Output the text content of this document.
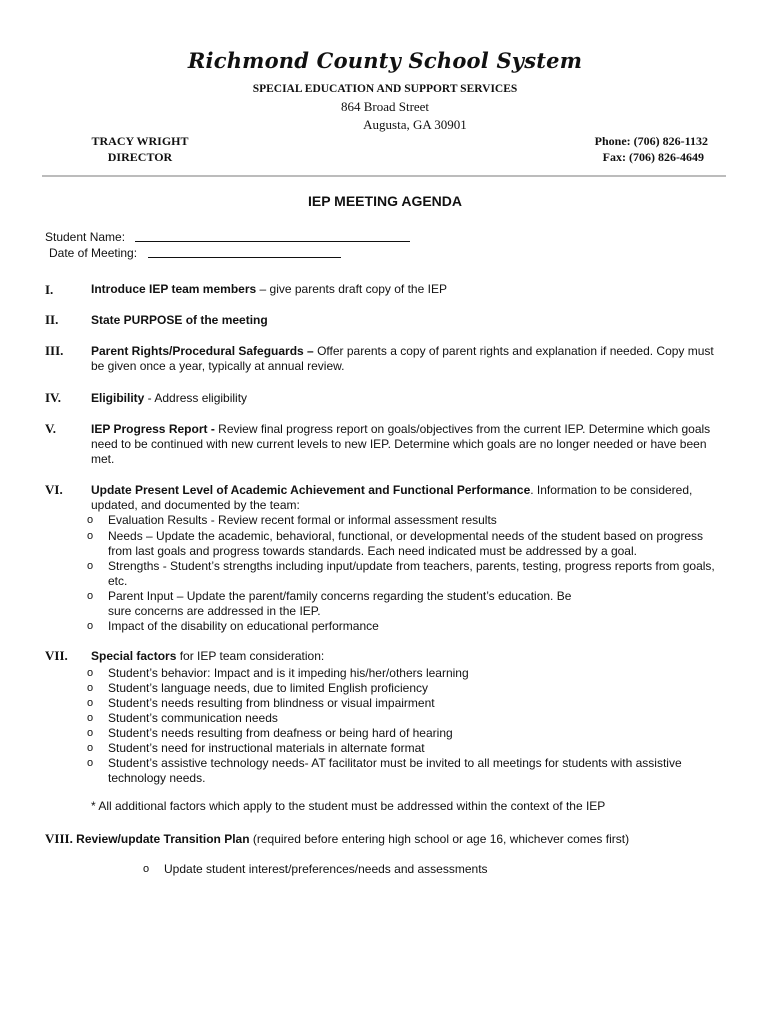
Richmond County School System
SPECIAL EDUCATION AND SUPPORT SERVICES
864 Broad Street
Augusta, GA 30901
TRACY WRIGHT
DIRECTOR
Phone: (706) 826-1132
Fax: (706) 826-4649
IEP MEETING AGENDA
Student Name:
Date of Meeting:
I.	Introduce IEP team members – give parents draft copy of the IEP
II.	State PURPOSE of the meeting
III. Parent Rights/Procedural Safeguards – Offer parents a copy of parent rights and explanation if needed. Copy must be given once a year, typically at annual review.
IV. Eligibility - Address eligibility
V.	IEP Progress Report - Review final progress report on goals/objectives from the current IEP. Determine which goals need to be continued with new current levels to new IEP. Determine which goals are no longer needed or have been met.
VI. Update Present Level of Academic Achievement and Functional Performance. Information to be considered, updated, and documented by the team:
o Evaluation Results - Review recent formal or informal assessment results
o Needs – Update the academic, behavioral, functional, or developmental needs of the student based on progress from last goals and progress towards standards. Each need indicated must be addressed by a goal.
o Strengths - Student’s strengths including input/update from teachers, parents, testing, progress reports from goals, etc.
o Parent Input – Update the parent/family concerns regarding the student’s education. Be sure concerns are addressed in the IEP.
o Impact of the disability on educational performance
VII. Special factors for IEP team consideration:
o Student’s behavior: Impact and is it impeding his/her/others learning
o Student’s language needs, due to limited English proficiency
o Student’s needs resulting from blindness or visual impairment
o Student’s communication needs
o Student’s needs resulting from deafness or being hard of hearing
o Student’s need for instructional materials in alternate format
o Student’s assistive technology needs- AT facilitator must be invited to all meetings for students with assistive technology needs.
* All additional factors which apply to the student must be addressed within the context of the IEP
VIII. Review/update Transition Plan (required before entering high school or age 16, whichever comes first)
o Update student interest/preferences/needs and assessments
